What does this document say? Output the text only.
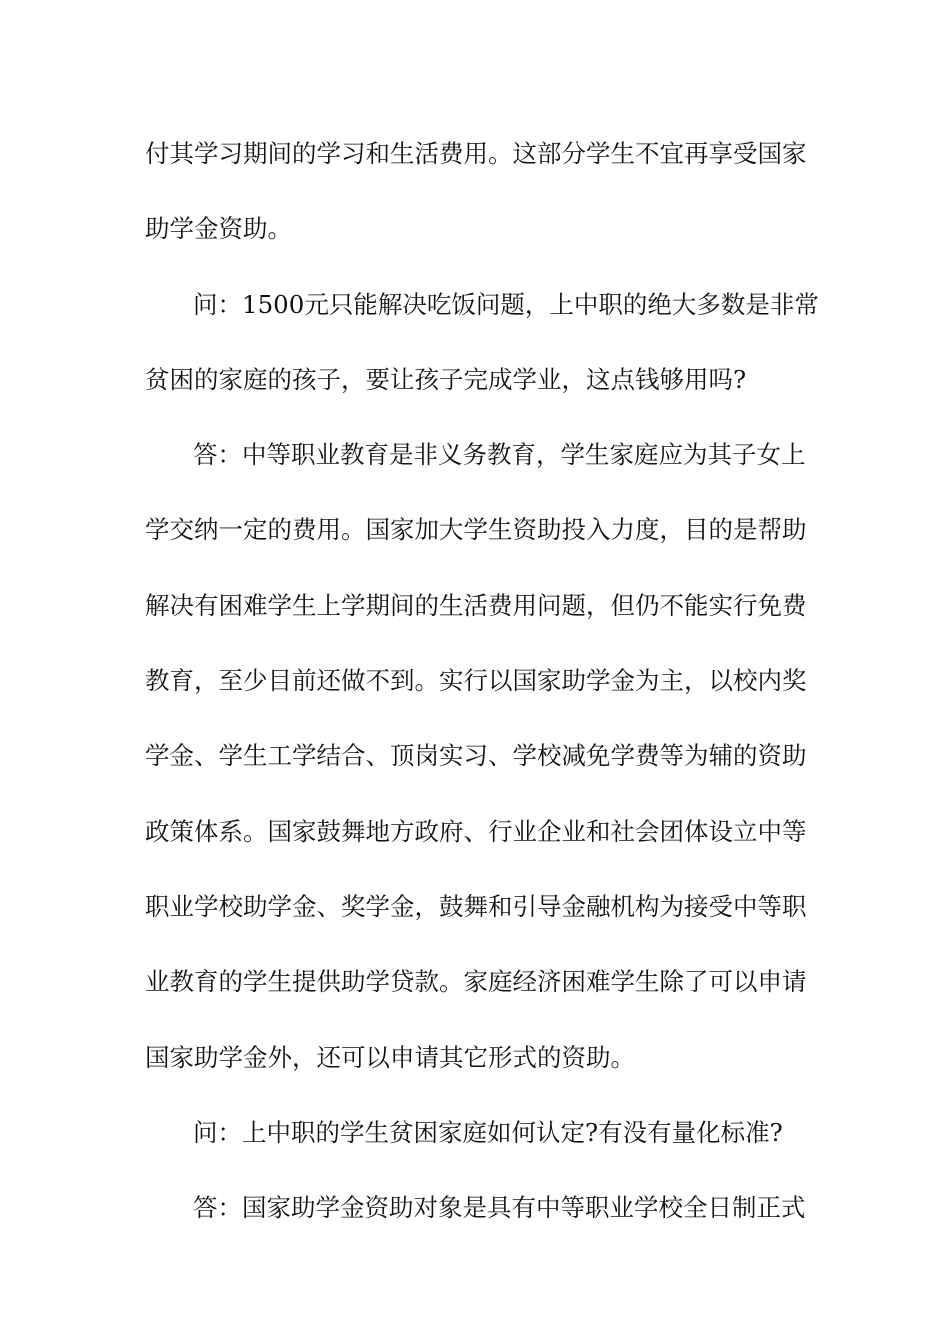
付其学习期间的学习和生活费用。这部分学生不宜再享受国家
助学金资助。
问：1500元只能解决吃饭问题，上中职的绝大多数是非常
贫困的家庭的孩子，要让孩子完成学业，这点钱够用吗?
答：中等职业教育是非义务教育，学生家庭应为其子女上
学交纳一定的费用。国家加大学生资助投入力度，目的是帮助
解决有困难学生上学期间的生活费用问题，但仍不能实行免费
教育，至少目前还做不到。实行以国家助学金为主，以校内奖
学金、学生工学结合、顶岗实习、学校减免学费等为辅的资助
政策体系。国家鼓舞地方政府、行业企业和社会团体设立中等
职业学校助学金、奖学金，鼓舞和引导金融机构为接受中等职
业教育的学生提供助学贷款。家庭经济困难学生除了可以申请
国家助学金外，还可以申请其它形式的资助。
问：上中职的学生贫困家庭如何认定?有没有量化标准?
答：国家助学金资助对象是具有中等职业学校全日制正式
